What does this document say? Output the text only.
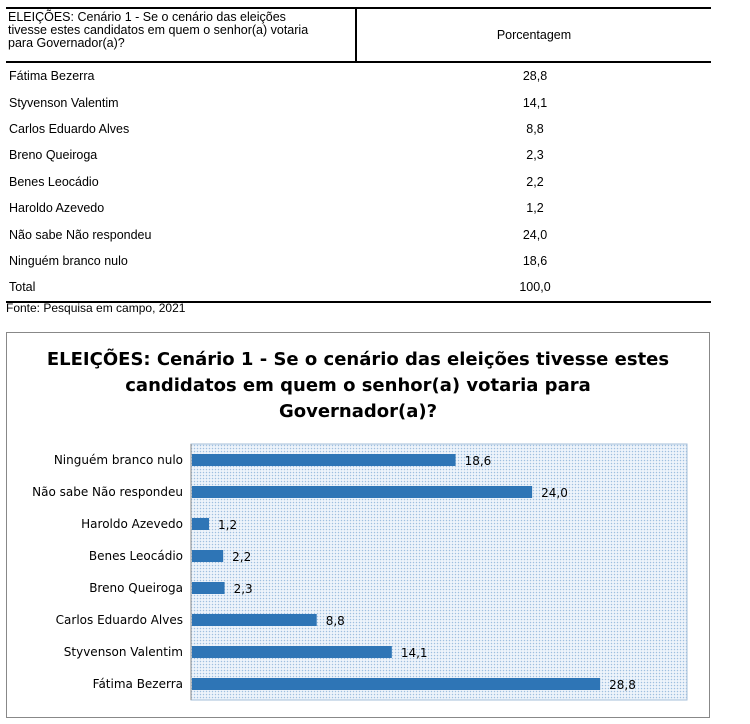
ELEIÇÕES: Cenário 1 - Se o cenário das eleições
tivesse estes candidatos em quem o senhor(a) votaria
para Governador(a)?
Porcentagem
Fátima Bezerra	28,8
Styvenson Valentim	14,1
Carlos Eduardo Alves	8,8
Breno Queiroga	2,3
Benes Leocádio	2,2
Haroldo Azevedo	1,2
Não sabe Não respondeu	24,0
Ninguém branco nulo	18,6
Total	100,0
Fonte: Pesquisa em campo, 2021
ELEIÇÕES: Cenário 1 - Se o cenário das eleições tivesse estes
candidatos em quem o senhor(a) votaria para
Governador(a)?
Ninguém branco nulo	18,6
Não sabe Não respondeu	24,0
Haroldo Azevedo	1,2
Benes Leocádio	2,2
Breno Queiroga	2,3
Carlos Eduardo Alves	8,8
Styvenson Valentim	14,1
Fátima Bezerra	28,8
